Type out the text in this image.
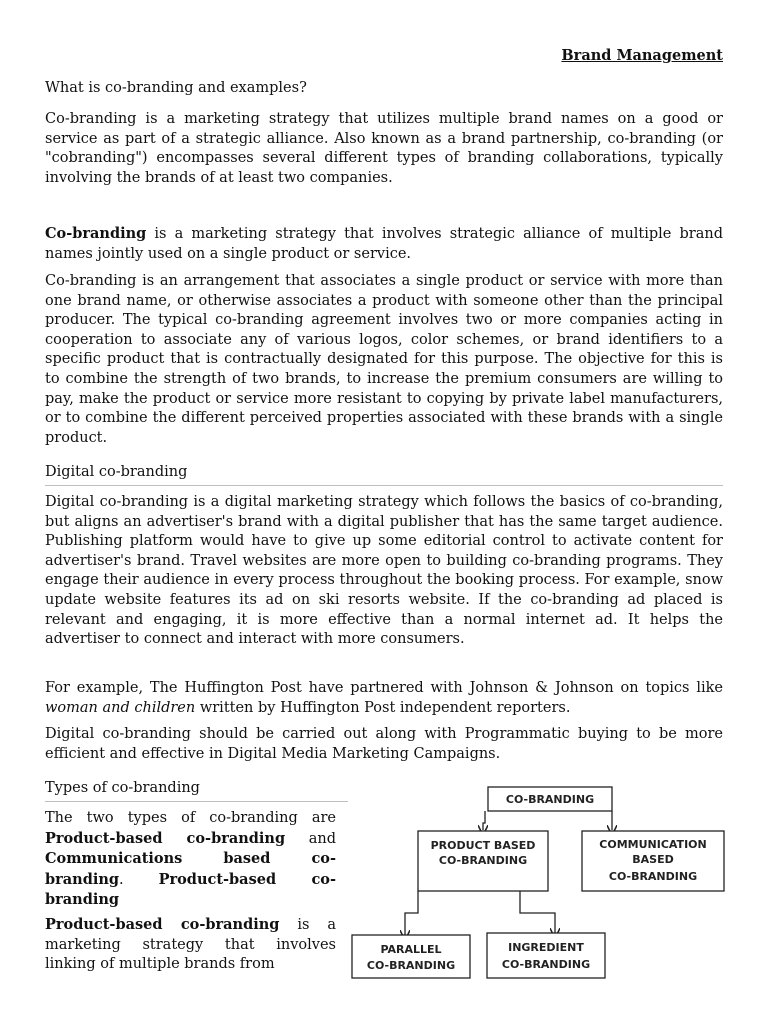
Brand Management

What is co-branding and examples?

Co-branding is a marketing strategy that utilizes multiple brand names on a good or service as part of a strategic alliance. Also known as a brand partnership, co-branding (or "cobranding") encompasses several different types of branding collaborations, typically involving the brands of at least two companies.

Co-branding is a marketing strategy that involves strategic alliance of multiple brand names jointly used on a single product or service.

Co-branding is an arrangement that associates a single product or service with more than one brand name, or otherwise associates a product with someone other than the principal producer. The typical co-branding agreement involves two or more companies acting in cooperation to associate any of various logos, color schemes, or brand identifiers to a specific product that is contractually designated for this purpose. The objective for this is to combine the strength of two brands, to increase the premium consumers are willing to pay, make the product or service more resistant to copying by private label manufacturers, or to combine the different perceived properties associated with these brands with a single product.

Digital co-branding

Digital co-branding is a digital marketing strategy which follows the basics of co-branding, but aligns an advertiser's brand with a digital publisher that has the same target audience. Publishing platform would have to give up some editorial control to activate content for advertiser's brand. Travel websites are more open to building co-branding programs. They engage their audience in every process throughout the booking process. For example, snow update website features its ad on ski resorts website. If the co-branding ad placed is relevant and engaging, it is more effective than a normal internet ad. It helps the advertiser to connect and interact with more consumers.

For example, The Huffington Post have partnered with Johnson & Johnson on topics like woman and children written by Huffington Post independent reporters.

Digital co-branding should be carried out along with Programmatic buying to be more efficient and effective in Digital Media Marketing Campaigns.

Types of co-branding

The two types of co-branding are Product-based co-branding and Communications based co-branding. Product-based co-branding

Product-based co-branding is a marketing strategy that involves linking of multiple brands from

CO-BRANDING
PRODUCT BASED
CO-BRANDING
COMMUNICATION
BASED
CO-BRANDING
PARALLEL
CO-BRANDING
INGREDIENT
CO-BRANDING
